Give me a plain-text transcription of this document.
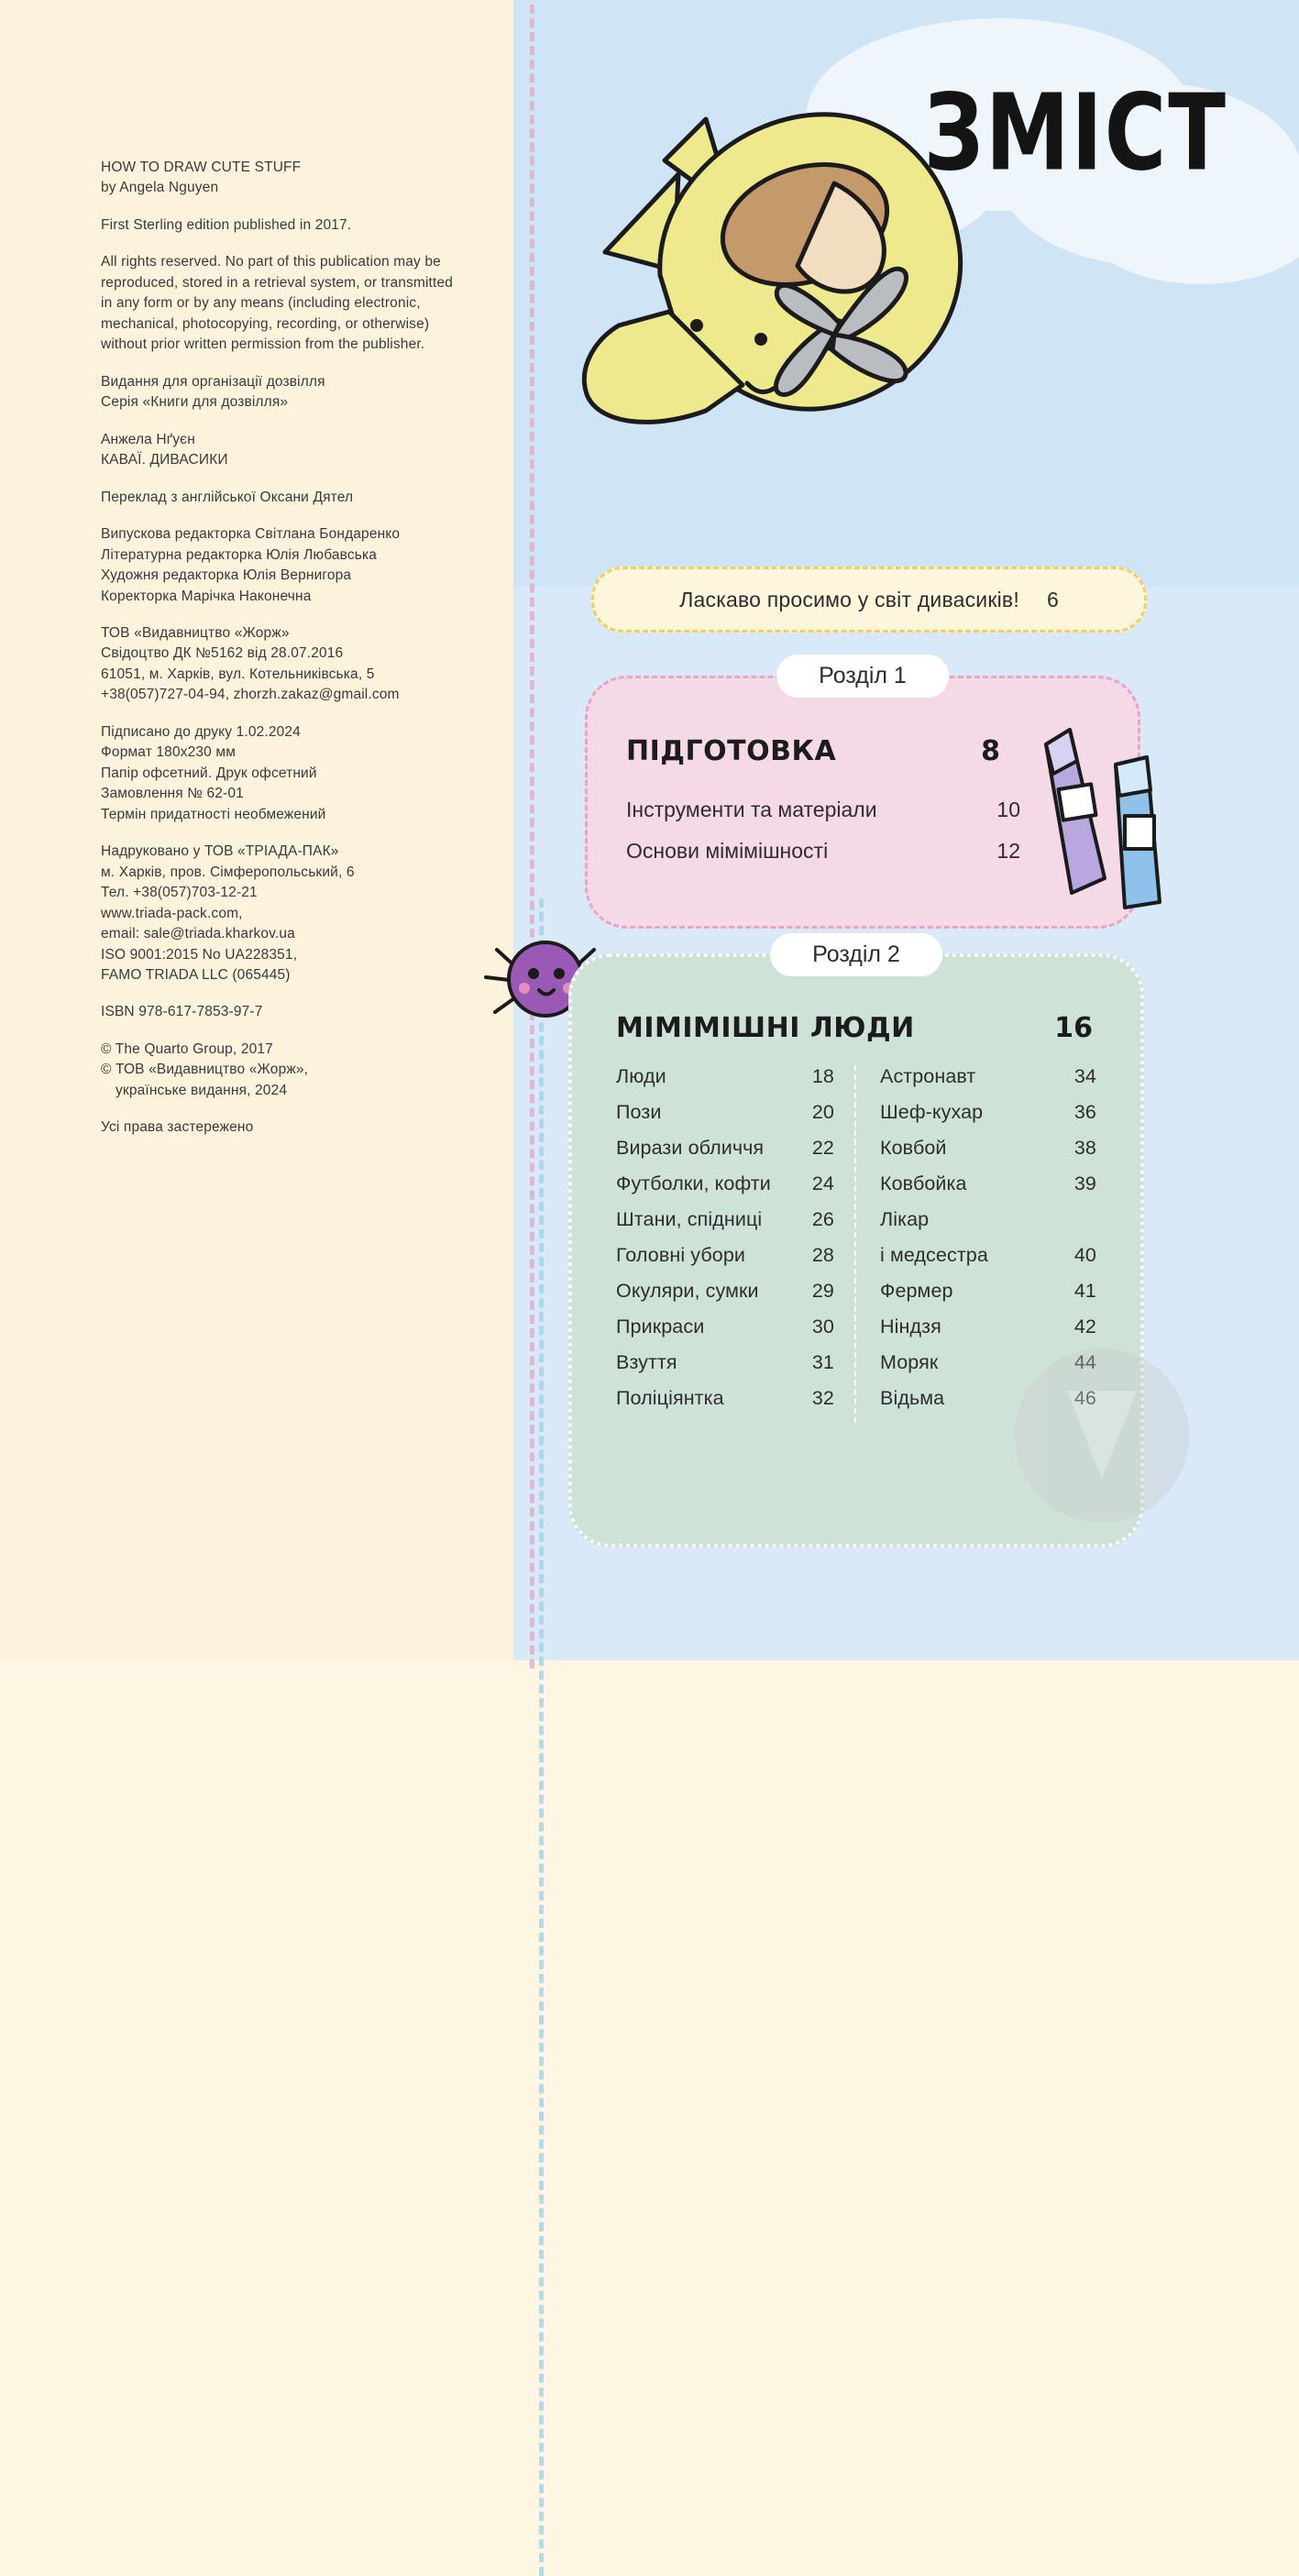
HOW TO DRAW CUTE STUFF
by Angela Nguyen

First Sterling edition published in 2017.

All rights reserved. No part of this publication may be reproduced, stored in a retrieval system, or transmitted in any form or by any means (including electronic, mechanical, photocopying, recording, or otherwise) without prior written permission from the publisher.

Видання для організації дозвілля
Серія «Книги для дозвілля»

Анжела Нґуєн
КАВАЇ. ДИВАСИКИ

Переклад з англійської Оксани Дятел

Випускова редакторка Світлана Бондаренко
Літературна редакторка Юлія Любавська
Художня редакторка Юлія Вернигора
Коректорка Марічка Наконечна

ТОВ «Видавництво «Жорж»
Свідоцтво ДК №5162 від 28.07.2016
61051, м. Харків, вул. Котельниківська, 5
+38(057)727-04-94, zhorzh.zakaz@gmail.com

Підписано до друку 1.02.2024
Формат 180х230 мм
Папір офсетний. Друк офсетний
Замовлення № 62-01
Термін придатності необмежений

Надруковано у ТОВ «ТРІАДА-ПАК»
м. Харків, пров. Сімферопольський, 6
Тел. +38(057)703-12-21
www.triada-pack.com,
email: sale@triada.kharkov.ua
ISO 9001:2015 No UA228351,
FAMO TRIADA LLC (065445)

ISBN 978-617-7853-97-7

© The Quarto Group, 2017
© ТОВ «Видавництво «Жорж»,

українське видання, 2024

Усі права застережено

ЗМІСТ
Ласкаво просимо у світ дивасиків! 6
Розділ 1
ПІДГОТОВКА	8
Інструменти та матеріали	10
Основи мімімішності	12
Розділ 2
МІМІМІШНІ ЛЮДИ	16
Люди	18
Пози	20
Вирази обличчя 22
Футболки, кофти 24
Штани, спідниці	26
Головні убори	28
Окуляри, сумки	29
Прикраси	30
Взуття	31
Поліціянтка	32
Астронавт	34
Шеф-кухар	36
Ковбой	38
Ковбойка	39
Лікар
і медсестра	40
Фермер	41
Ніндзя	42
Моряк	44
Відьма	46
